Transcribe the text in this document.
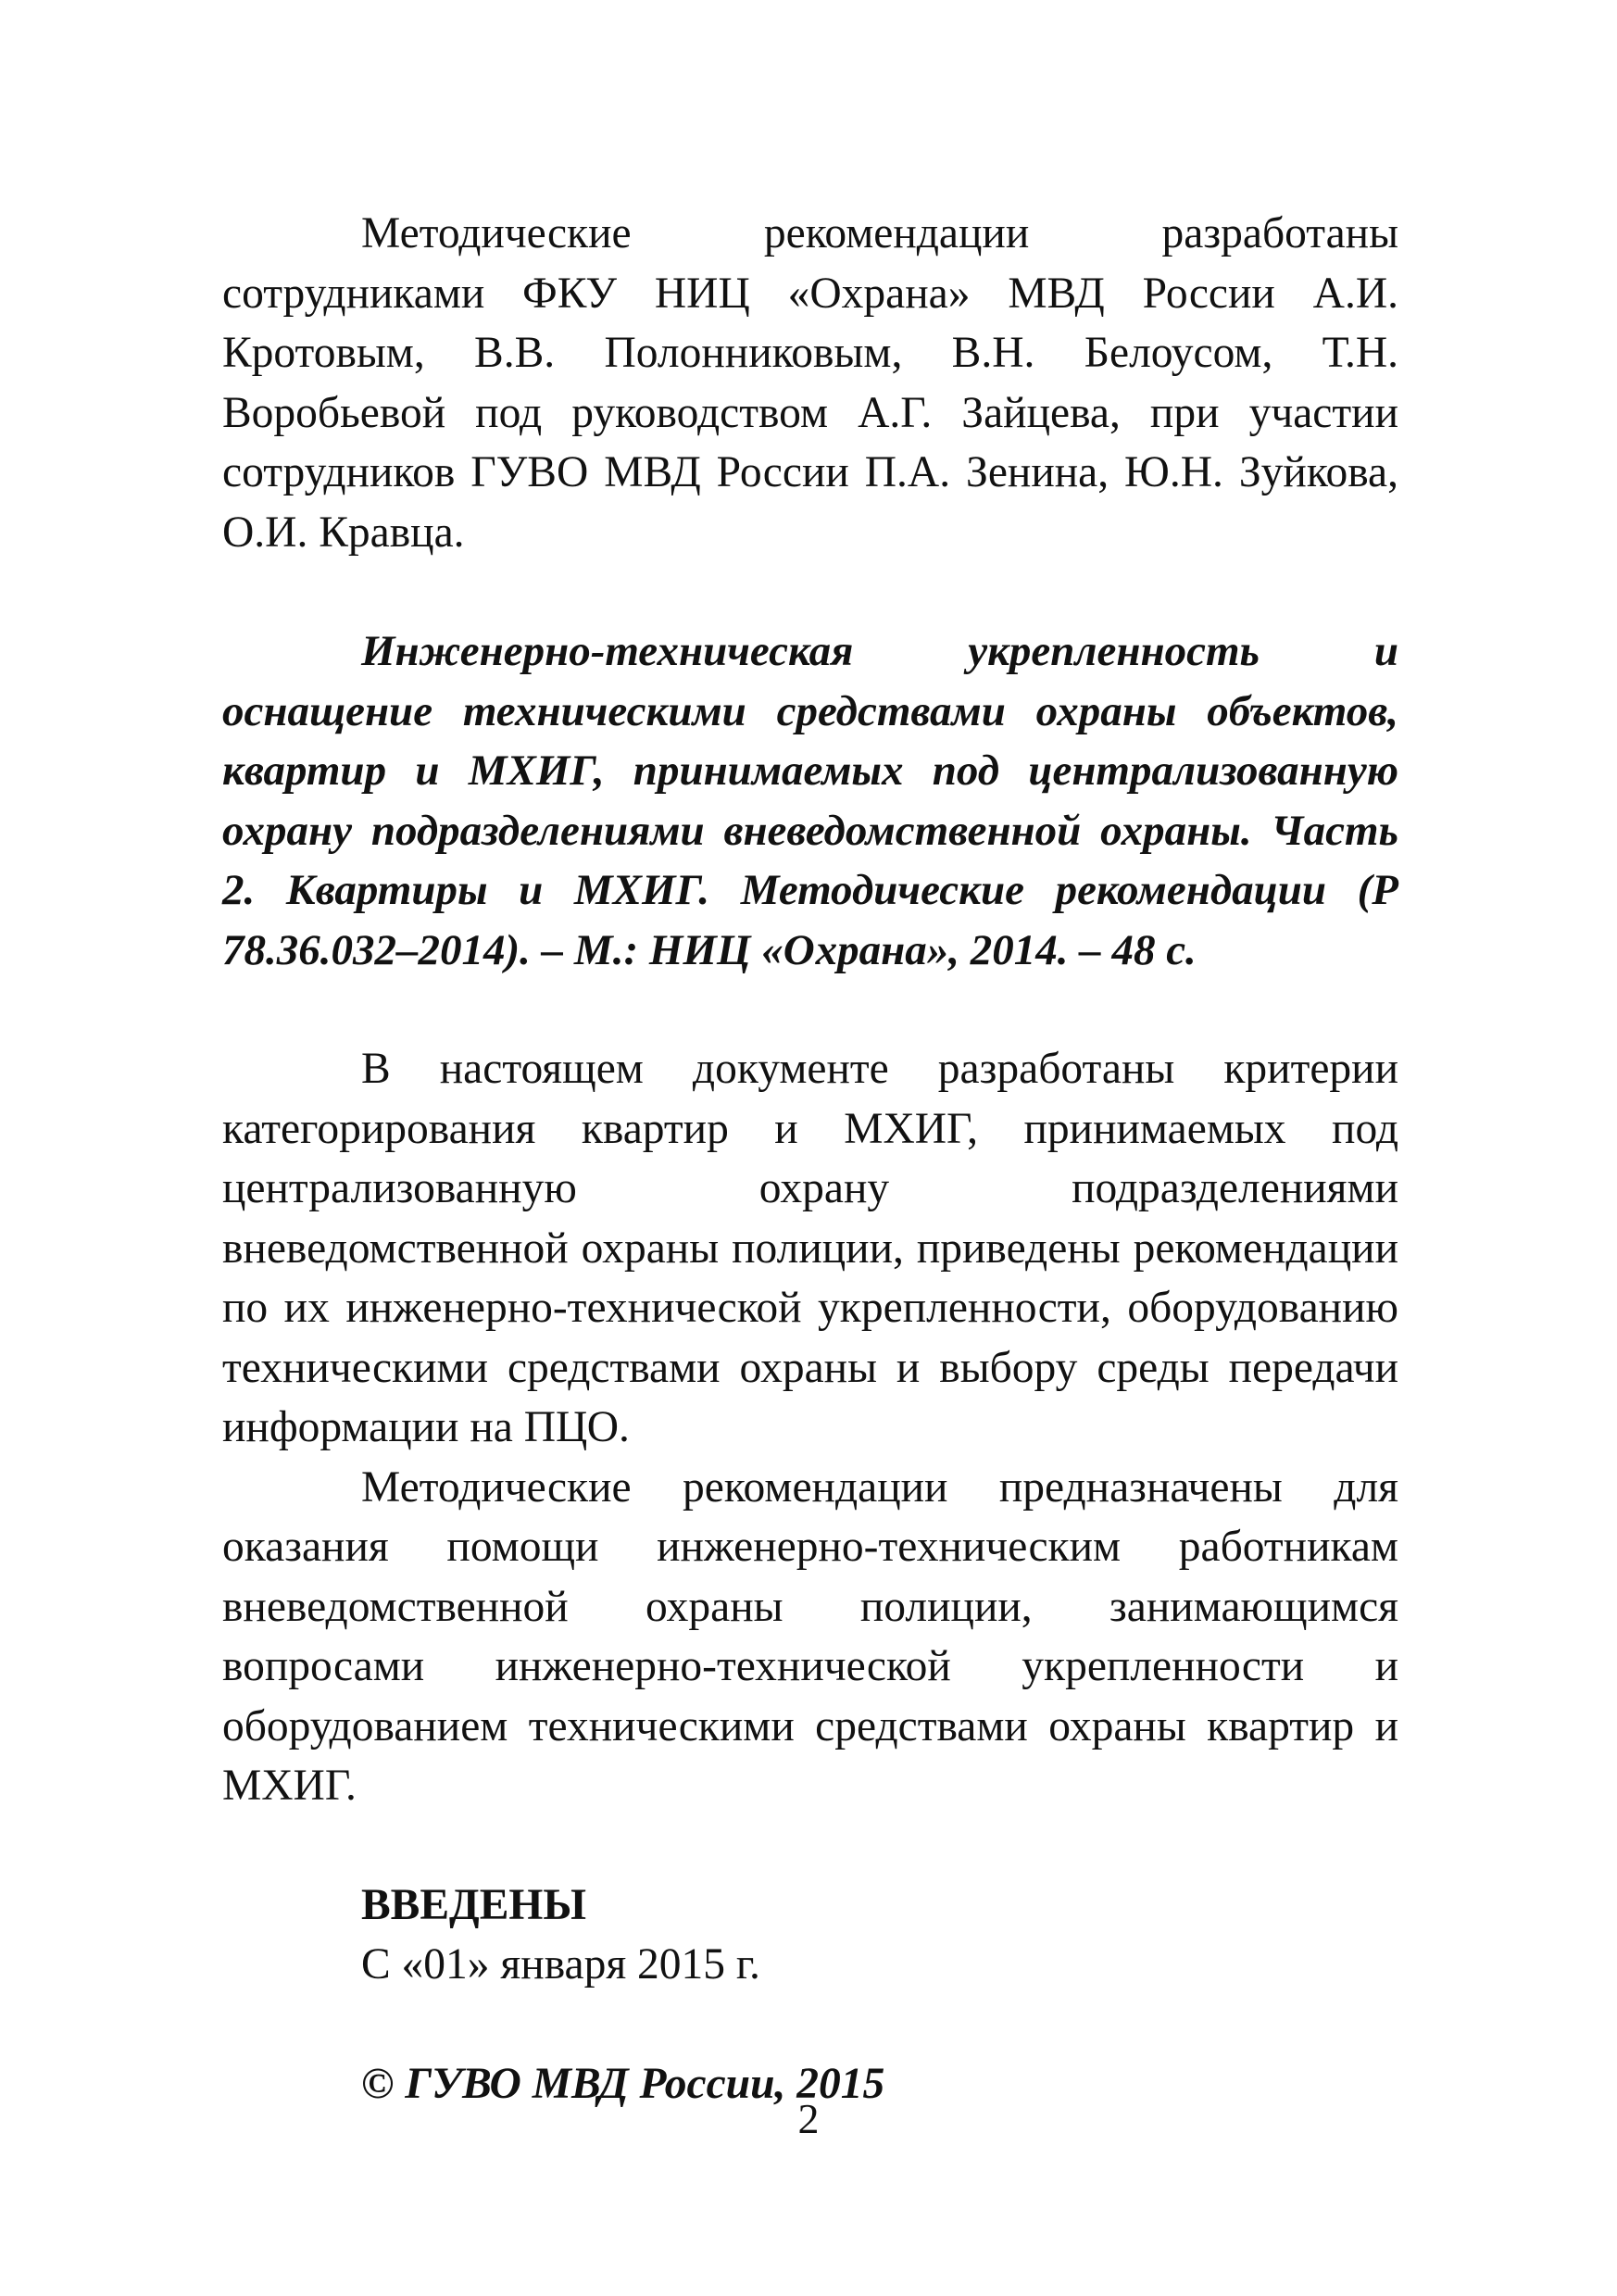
Методические рекомендации разработаны сотрудниками ФКУ НИЦ «Охрана» МВД России А.И. Кротовым, В.В. Полонниковым, В.Н. Белоусом, Т.Н. Воробьевой под руководством А.Г. Зайцева, при участии сотрудников ГУВО МВД России П.А. Зенина, Ю.Н. Зуйкова, О.И. Кравца.

Инженерно-техническая укрепленность и оснащение техническими средствами охраны объектов, квартир и МХИГ, принимаемых под централизованную охрану подразделениями вневедомственной охраны. Часть 2. Квартиры и МХИГ. Методические рекомендации (Р 78.36.032–2014). – М.: НИЦ «Охрана», 2014. – 48 с.

В настоящем документе разработаны критерии категорирования квартир и МХИГ, принимаемых под централизованную охрану подразделениями вневедомственной охраны полиции, приведены рекомендации по их инженерно-технической укрепленности, оборудованию техническими средствами охраны и выбору среды передачи информации на ПЦО.

Методические рекомендации предназначены для оказания помощи инженерно-техническим работникам вневедомственной охраны полиции, занимающимся вопросами инженерно-технической укрепленности и оборудованием техническими средствами охраны квартир и МХИГ.

ВВЕДЕНЫ

С «01» января 2015 г.

© ГУВО МВД России, 2015
2
